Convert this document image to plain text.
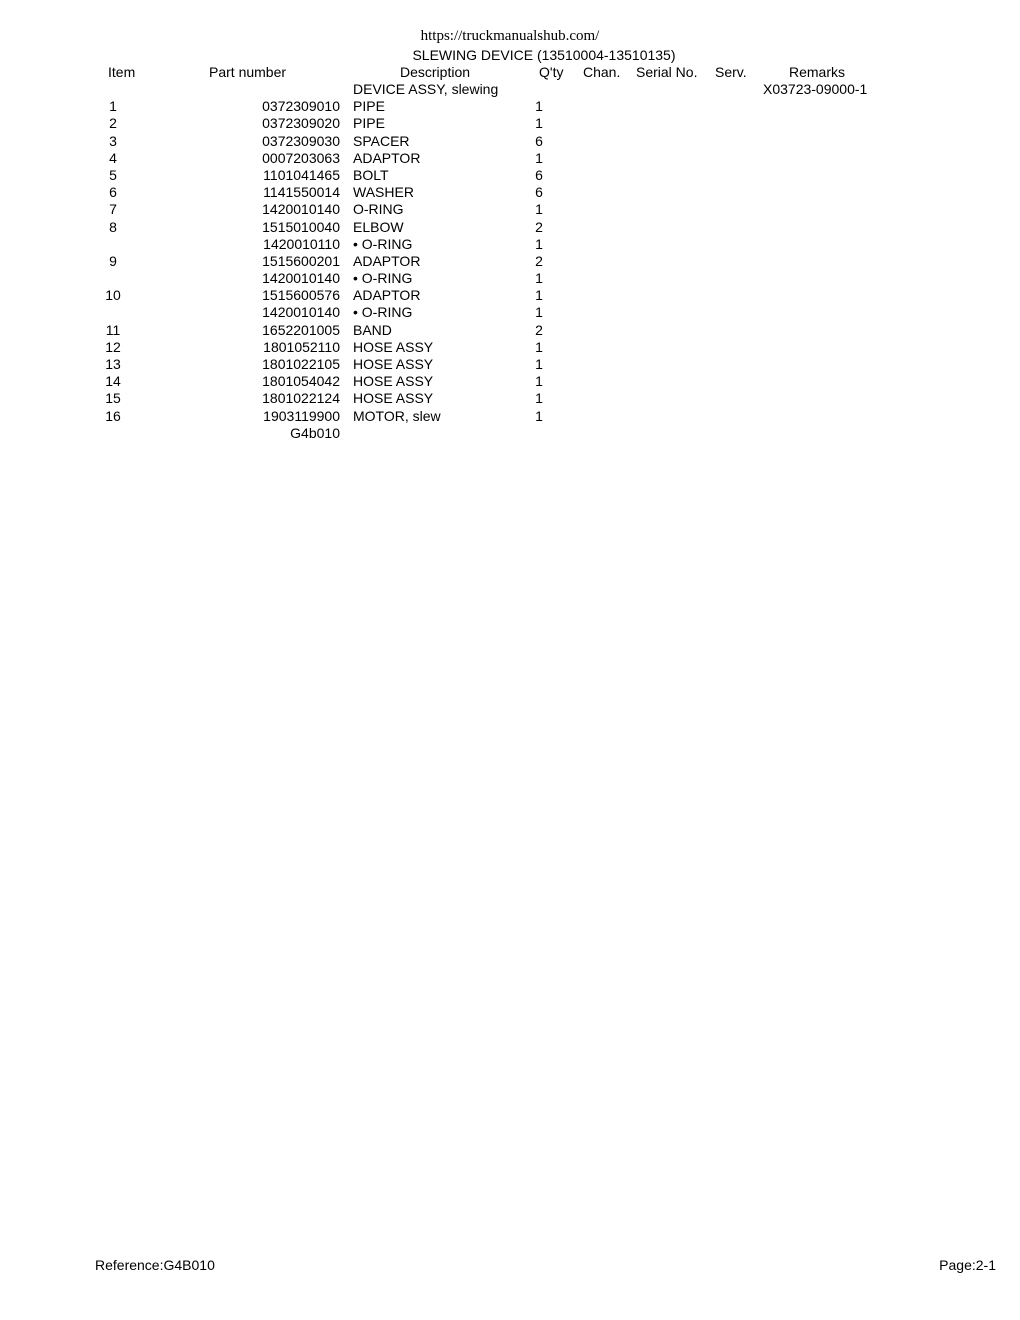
https://truckmanualshub.com/
SLEWING DEVICE (13510004-13510135)
Item	Part number	Description	Q'ty Chan. Serial No. Serv.	Remarks
DEVICE ASSY, slewing	X03723-09000-1
1	0372309010 PIPE	1
2	0372309020 PIPE	1
3	0372309030 SPACER	6
4	0007203063 ADAPTOR	1
5	1101041465 BOLT	6
6	1141550014 WASHER	6
7	1420010140 O-RING	1
8	1515010040 ELBOW	2
1420010110 • O-RING	1
9	1515600201 ADAPTOR	2
1420010140 • O-RING	1
10	1515600576 ADAPTOR	1
1420010140 • O-RING	1
11	1652201005 BAND	2
12	1801052110 HOSE ASSY	1
13	1801022105 HOSE ASSY	1
14	1801054042 HOSE ASSY	1
15	1801022124 HOSE ASSY	1
16	1903119900 MOTOR, slew	1
G4b010
Reference:G4B010	Page:2-1
